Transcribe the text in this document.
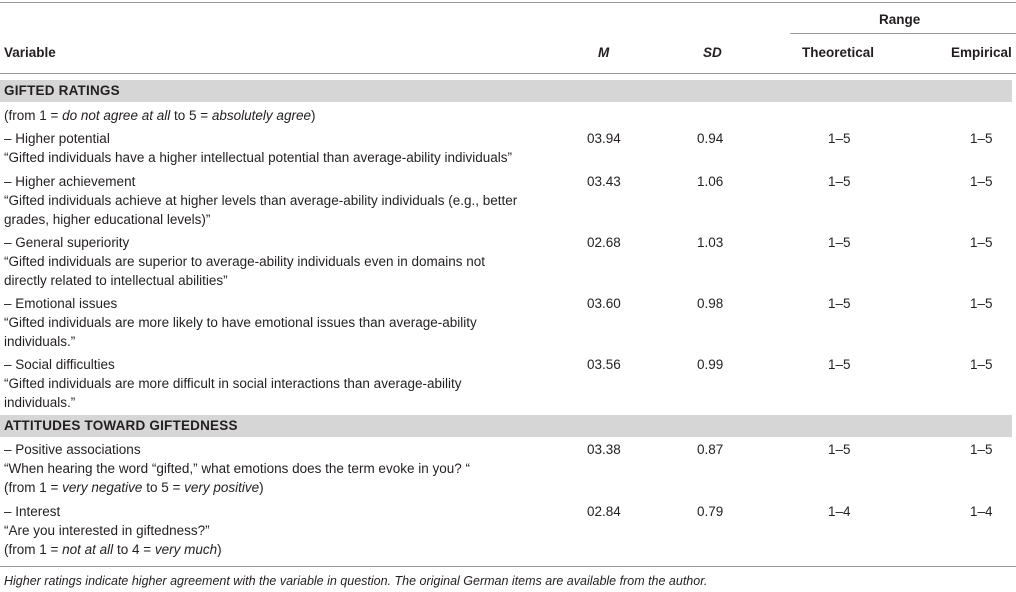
Range
Variable	M	SD	Theoretical	Empirical
GIFTED RATINGS
(from 1 = do not agree at all to 5 = absolutely agree)
– Higher potential
“Gifted individuals have a higher intellectual potential than average-ability individuals”
03.94	0.94	1–5	1–5
– Higher achievement
“Gifted individuals achieve at higher levels than average-ability individuals (e.g., better
grades, higher educational levels)”
03.43	1.06	1–5	1–5
– General superiority
“Gifted individuals are superior to average-ability individuals even in domains not
directly related to intellectual abilities”
02.68	1.03	1–5	1–5
– Emotional issues
“Gifted individuals are more likely to have emotional issues than average-ability
individuals.”
03.60	0.98	1–5	1–5
– Social difficulties
“Gifted individuals are more difficult in social interactions than average-ability
individuals.”
03.56	0.99	1–5	1–5
ATTITUDES TOWARD GIFTEDNESS
– Positive associations
“When hearing the word “gifted,” what emotions does the term evoke in you? “
(from 1 = very negative to 5 = very positive)
03.38	0.87	1–5	1–5
– Interest
“Are you interested in giftedness?”
(from 1 = not at all to 4 = very much)
02.84	0.79	1–4	1–4
Higher ratings indicate higher agreement with the variable in question. The original German items are available from the author.
